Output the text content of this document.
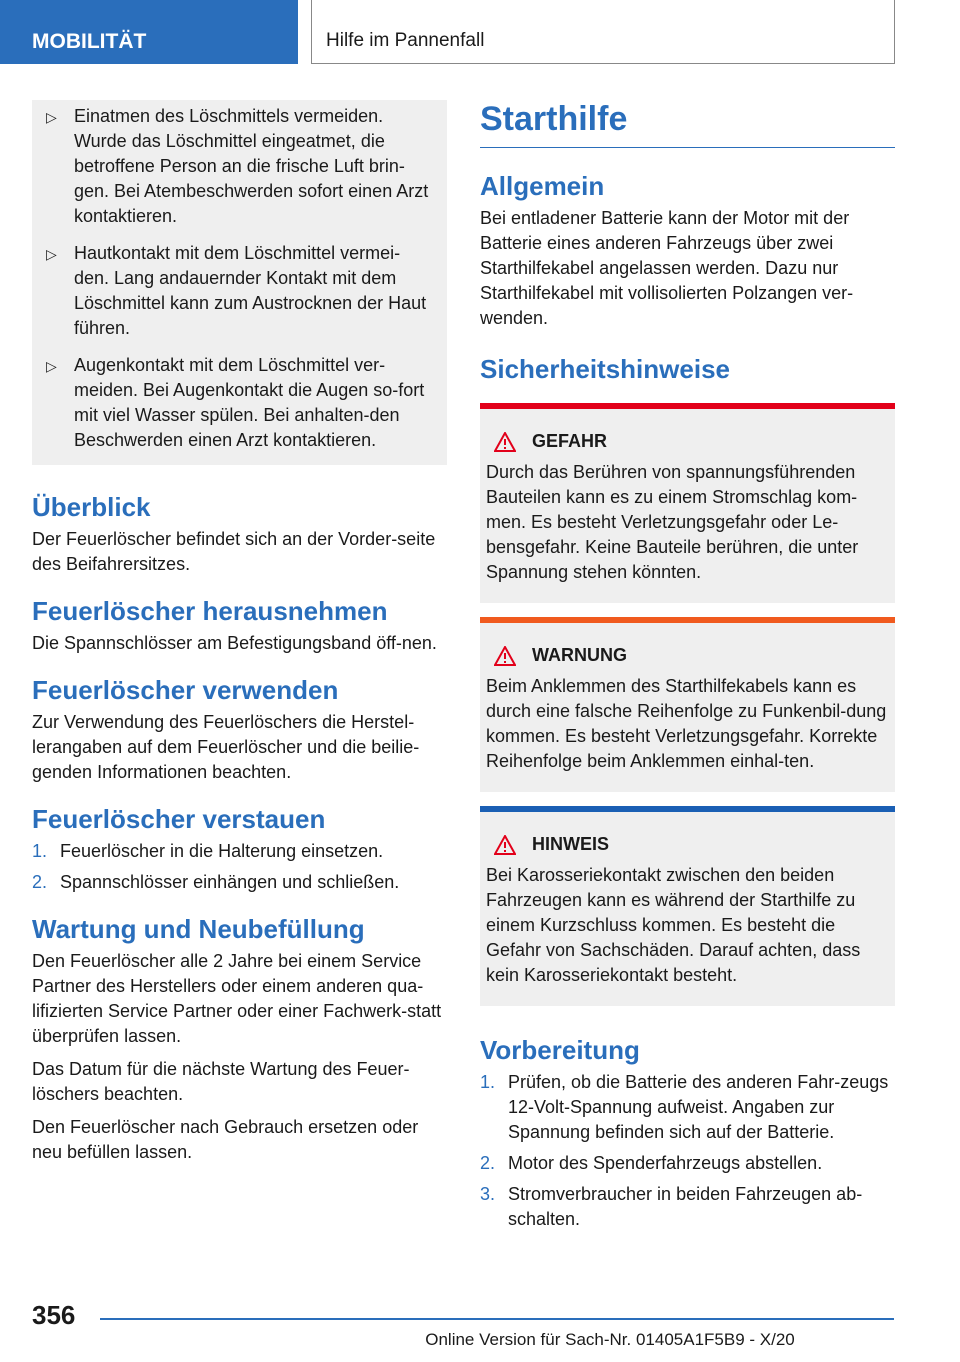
MOBILITÄT	Hilfe im Pannenfall
▷ Einatmen des Löschmittels vermeiden. Wurde das Löschmittel eingeatmet, die betroffene Person an die frische Luft brin-gen. Bei Atembeschwerden sofort einen Arzt kontaktieren.
▷ Hautkontakt mit dem Löschmittel vermei-den. Lang andauernder Kontakt mit dem Löschmittel kann zum Austrocknen der Haut führen.
▷ Augenkontakt mit dem Löschmittel ver-meiden. Bei Augenkontakt die Augen so-fort mit viel Wasser spülen. Bei anhalten-den Beschwerden einen Arzt kontaktieren.
Überblick

Der Feuerlöscher befindet sich an der Vorder-seite des Beifahrersitzes.

Feuerlöscher herausnehmen

Die Spannschlösser am Befestigungsband öff-nen.

Feuerlöscher verwenden

Zur Verwendung des Feuerlöschers die Herstel-lerangaben auf dem Feuerlöscher und die beilie-genden Informationen beachten.

Feuerlöscher verstauen
1. Feuerlöscher in die Halterung einsetzen.
2. Spannschlösser einhängen und schließen.
Wartung und Neubefüllung

Den Feuerlöscher alle 2 Jahre bei einem Service Partner des Herstellers oder einem anderen qua-lifizierten Service Partner oder einer Fachwerk-statt überprüfen lassen.

Das Datum für die nächste Wartung des Feuer-löschers beachten.

Den Feuerlöscher nach Gebrauch ersetzen oder neu befüllen lassen.

Starthilfe
Allgemein

Bei entladener Batterie kann der Motor mit der Batterie eines anderen Fahrzeugs über zwei Starthilfekabel angelassen werden. Dazu nur Starthilfekabel mit vollisolierten Polzangen ver-wenden.

Sicherheitshinweise
GEFAHR

Durch das Berühren von spannungsführenden Bauteilen kann es zu einem Stromschlag kom-men. Es besteht Verletzungsgefahr oder Le-bensgefahr. Keine Bauteile berühren, die unter Spannung stehen könnten.

WARNUNG

Beim Anklemmen des Starthilfekabels kann es durch eine falsche Reihenfolge zu Funkenbil-dung kommen. Es besteht Verletzungsgefahr. Korrekte Reihenfolge beim Anklemmen einhal-ten.

HINWEIS

Bei Karosseriekontakt zwischen den beiden Fahrzeugen kann es während der Starthilfe zu einem Kurzschluss kommen. Es besteht die Gefahr von Sachschäden. Darauf achten, dass kein Karosseriekontakt besteht.

Vorbereitung
1. Prüfen, ob die Batterie des anderen Fahr-zeugs 12-Volt-Spannung aufweist. Angaben zur Spannung befinden sich auf der Batterie.
2. Motor des Spenderfahrzeugs abstellen.
3. Stromverbraucher in beiden Fahrzeugen ab-schalten.
356
Online Version für Sach-Nr. 01405A1F5B9 - X/20
